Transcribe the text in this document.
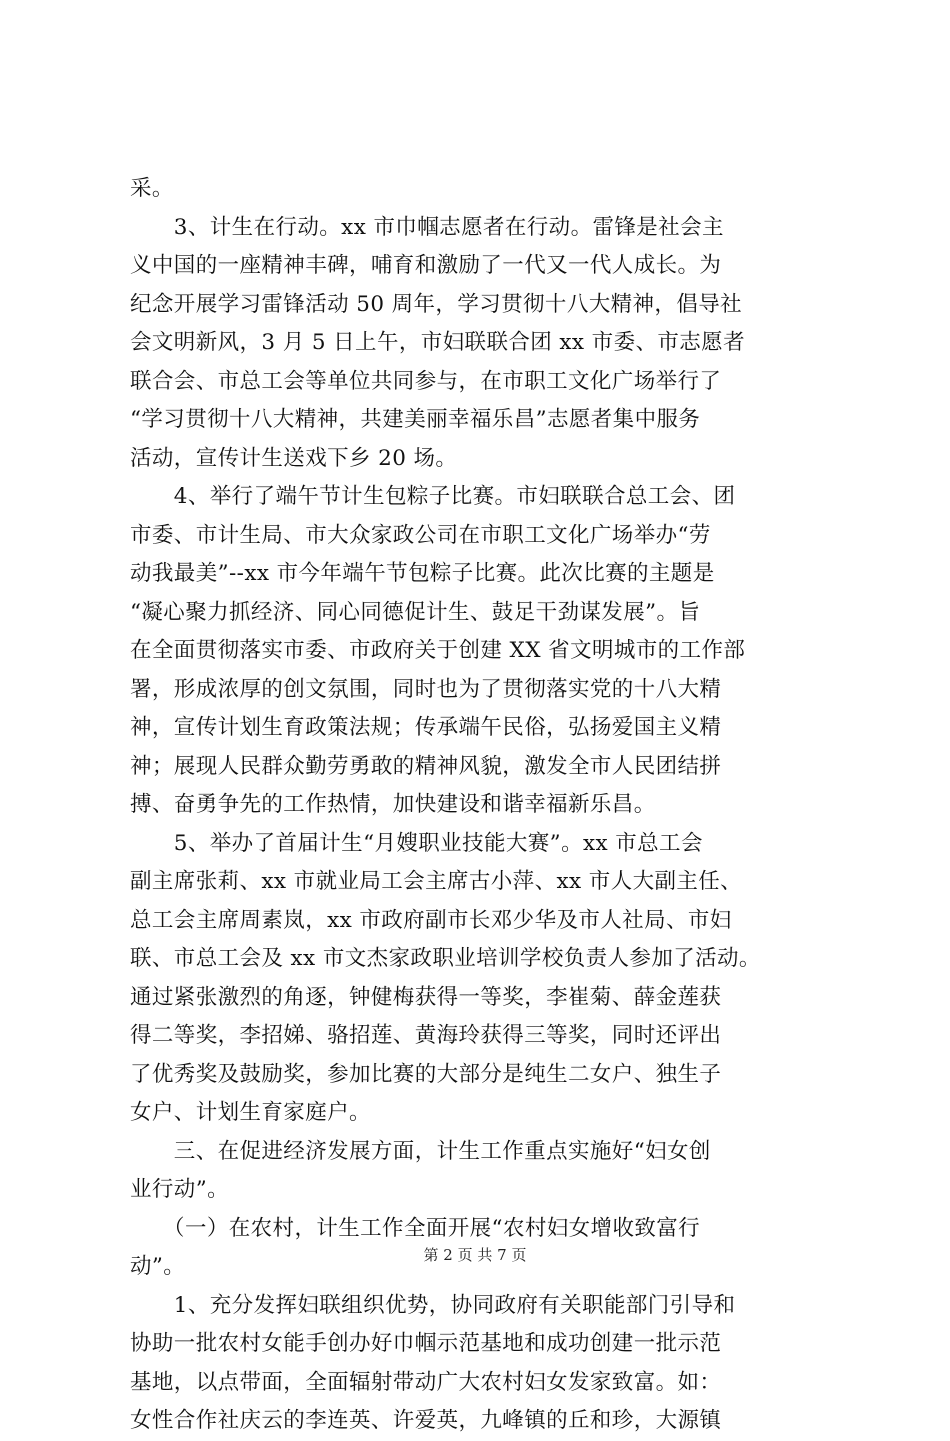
采。
　　3、计生在行动。xx 市巾帼志愿者在行动。雷锋是社会主
义中国的一座精神丰碑，哺育和激励了一代又一代人成长。为
纪念开展学习雷锋活动 50 周年，学习贯彻十八大精神，倡导社
会文明新风，3 月 5 日上午，市妇联联合团 xx 市委、市志愿者
联合会、市总工会等单位共同参与，在市职工文化广场举行了
“学习贯彻十八大精神，共建美丽幸福乐昌”志愿者集中服务
活动，宣传计生送戏下乡 20 场。
　　4、举行了端午节计生包粽子比赛。市妇联联合总工会、团
市委、市计生局、市大众家政公司在市职工文化广场举办“劳
动我最美”--xx 市今年端午节包粽子比赛。此次比赛的主题是
“凝心聚力抓经济、同心同德促计生、鼓足干劲谋发展”。旨
在全面贯彻落实市委、市政府关于创建 XX 省文明城市的工作部
署，形成浓厚的创文氛围，同时也为了贯彻落实党的十八大精
神，宣传计划生育政策法规；传承端午民俗，弘扬爱国主义精
神；展现人民群众勤劳勇敢的精神风貌，激发全市人民团结拼
搏、奋勇争先的工作热情，加快建设和谐幸福新乐昌。
　　5、举办了首届计生“月嫂职业技能大赛”。xx 市总工会
副主席张莉、xx 市就业局工会主席古小萍、xx 市人大副主任、
总工会主席周素岚，xx 市政府副市长邓少华及市人社局、市妇
联、市总工会及 xx 市文杰家政职业培训学校负责人参加了活动。
通过紧张激烈的角逐，钟健梅获得一等奖，李崔菊、薛金莲获
得二等奖，李招娣、骆招莲、黄海玲获得三等奖，同时还评出
了优秀奖及鼓励奖，参加比赛的大部分是纯生二女户、独生子
女户、计划生育家庭户。
　　三、在促进经济发展方面，计生工作重点实施好“妇女创
业行动”。
　　（一）在农村，计生工作全面开展“农村妇女增收致富行
动”。
　　1、充分发挥妇联组织优势，协同政府有关职能部门引导和
协助一批农村女能手创办好巾帼示范基地和成功创建一批示范
基地，以点带面，全面辐射带动广大农村妇女发家致富。如：
女性合作社庆云的李连英、许爱英，九峰镇的丘和珍，大源镇
第 2 页 共 7 页
